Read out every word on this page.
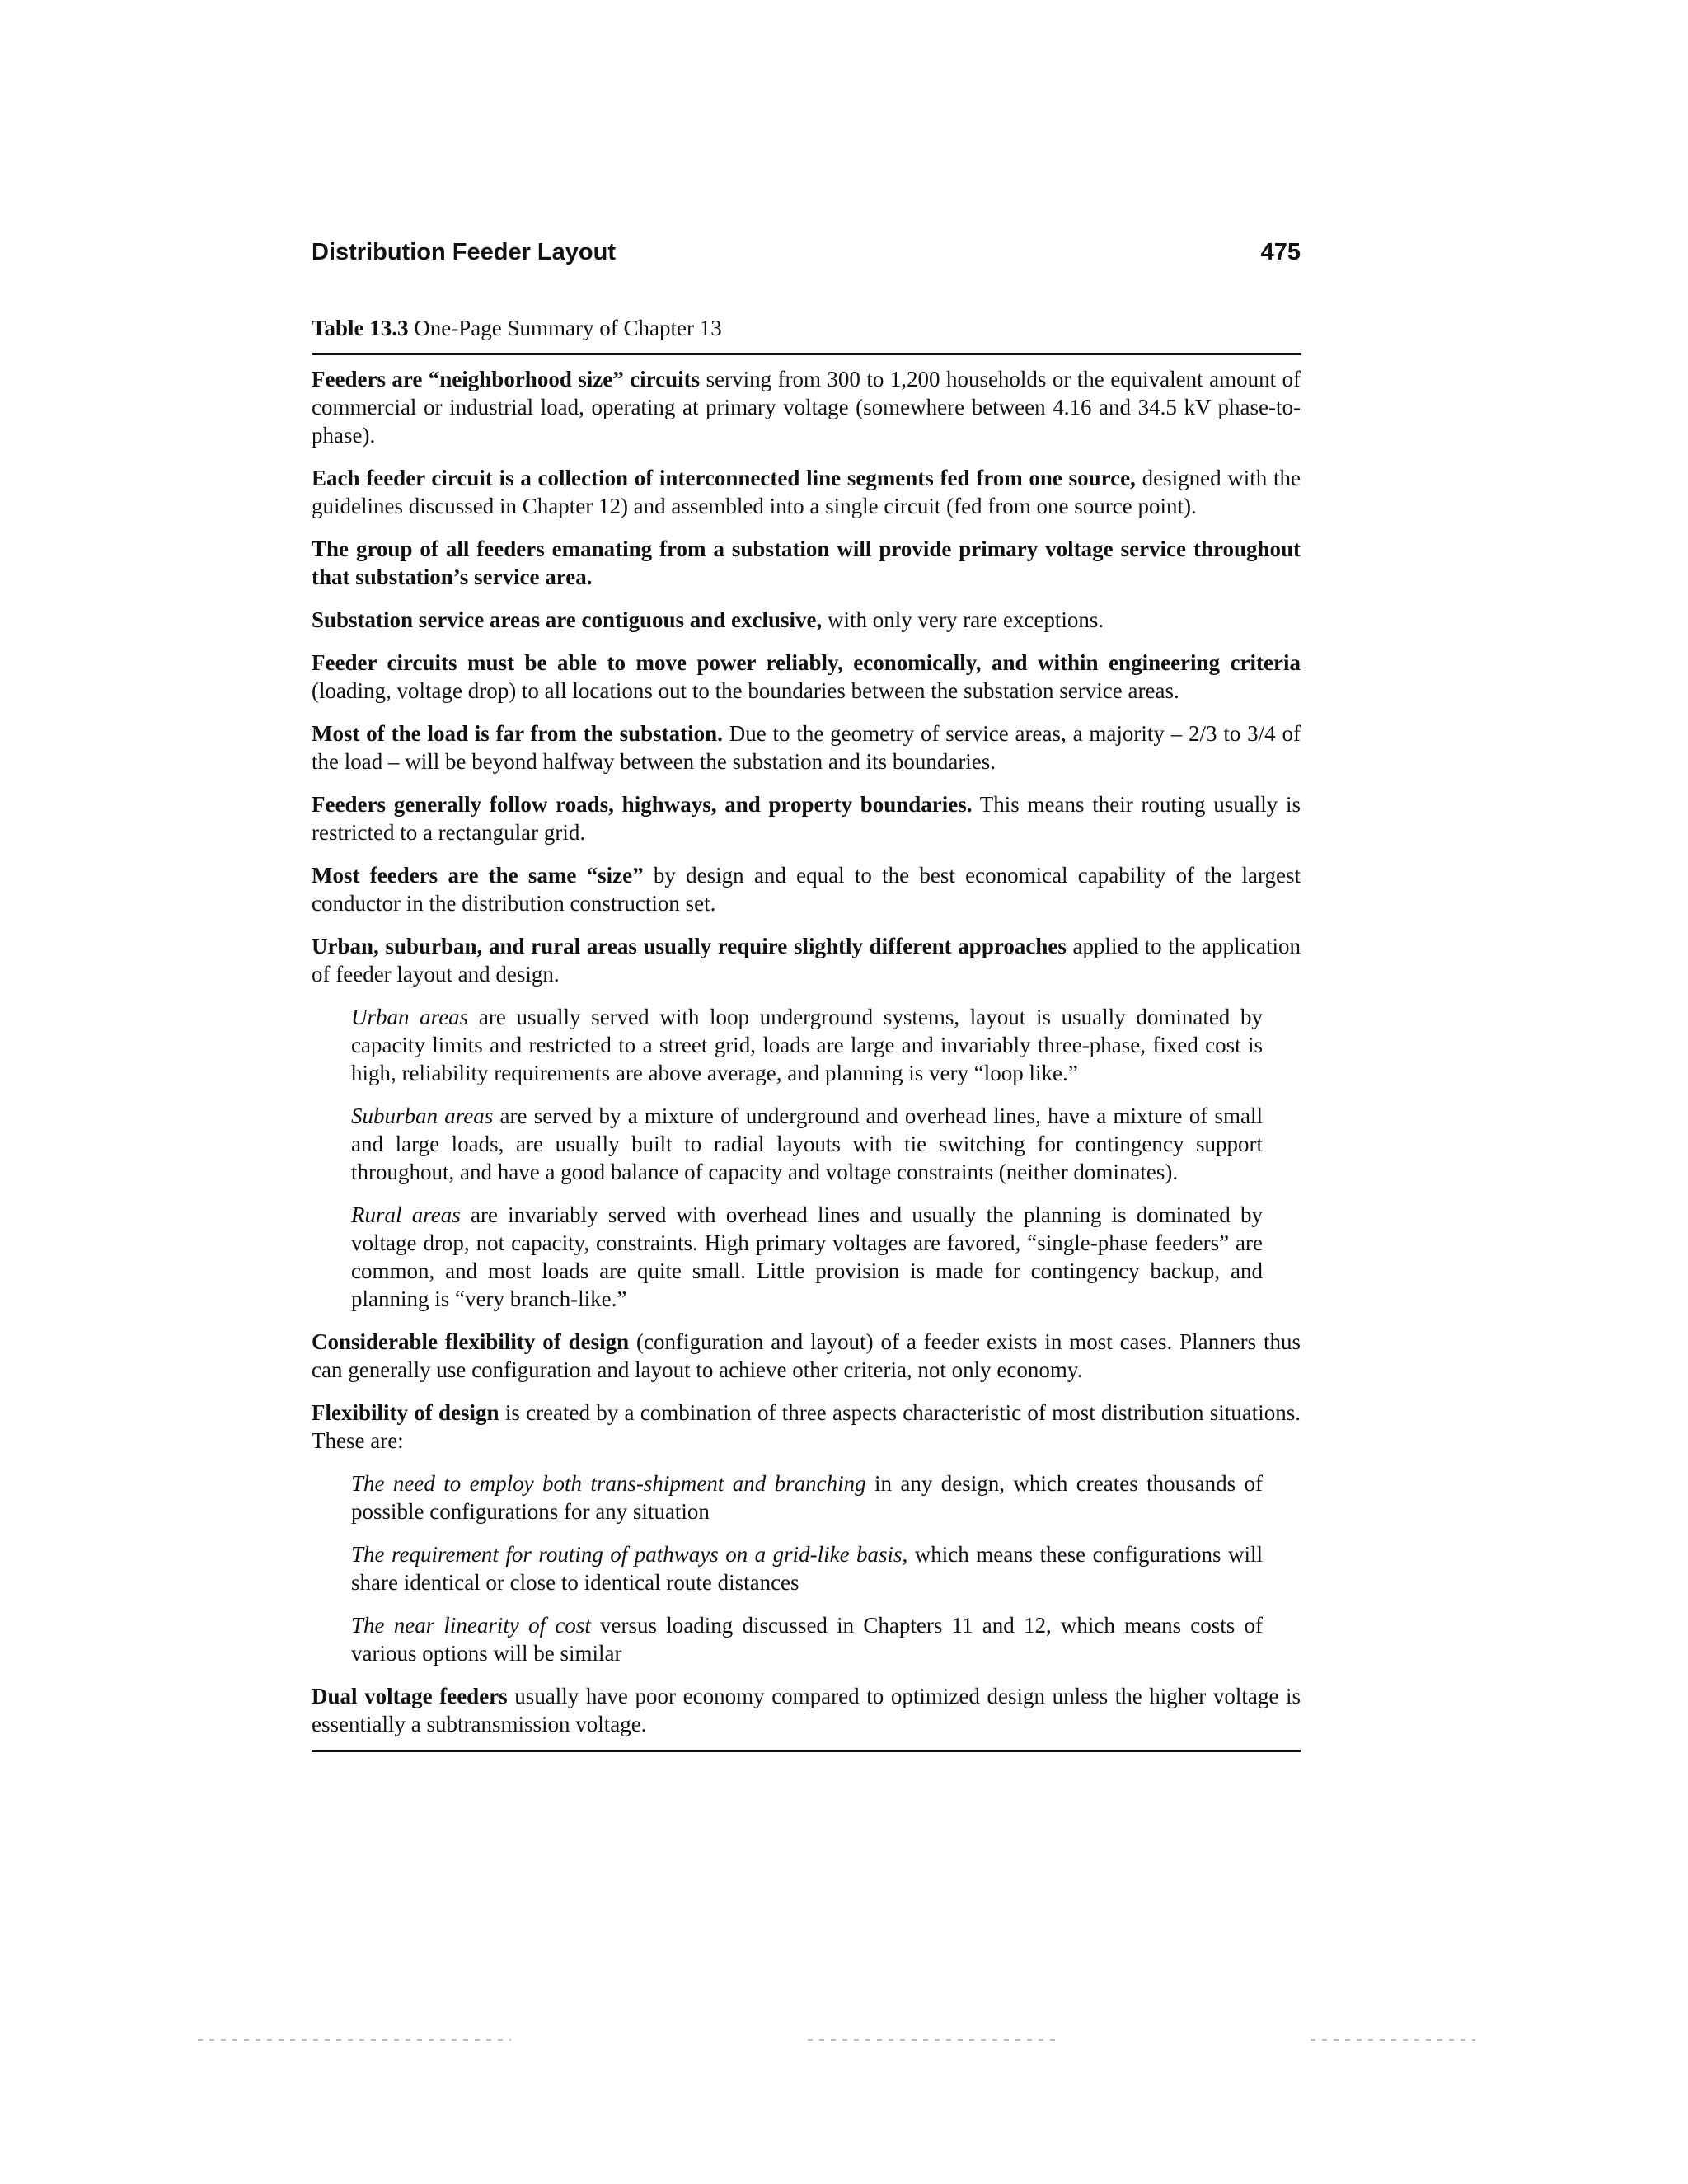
Distribution Feeder Layout	475
Table 13.3 One-Page Summary of Chapter 13

Feeders are “neighborhood size” circuits serving from 300 to 1,200 households or the equivalent amount of commercial or industrial load, operating at primary voltage (somewhere between 4.16 and 34.5 kV phase-to-phase).

Each feeder circuit is a collection of interconnected line segments fed from one source, designed with the guidelines discussed in Chapter 12) and assembled into a single circuit (fed from one source point).

The group of all feeders emanating from a substation will provide primary voltage service throughout that substation’s service area.

Substation service areas are contiguous and exclusive, with only very rare exceptions.

Feeder circuits must be able to move power reliably, economically, and within engineering criteria (loading, voltage drop) to all locations out to the boundaries between the substation service areas.

Most of the load is far from the substation. Due to the geometry of service areas, a majority – 2/3 to 3/4 of the load – will be beyond halfway between the substation and its boundaries.

Feeders generally follow roads, highways, and property boundaries. This means their routing usually is restricted to a rectangular grid.

Most feeders are the same “size” by design and equal to the best economical capability of the largest conductor in the distribution construction set.

Urban, suburban, and rural areas usually require slightly different approaches applied to the application of feeder layout and design.

Urban areas are usually served with loop underground systems, layout is usually dominated by capacity limits and restricted to a street grid, loads are large and invariably three-phase, fixed cost is high, reliability requirements are above average, and planning is very “loop like.”

Suburban areas are served by a mixture of underground and overhead lines, have a mixture of small and large loads, are usually built to radial layouts with tie switching for contingency support throughout, and have a good balance of capacity and voltage constraints (neither dominates).

Rural areas are invariably served with overhead lines and usually the planning is dominated by voltage drop, not capacity, constraints. High primary voltages are favored, “single-phase feeders” are common, and most loads are quite small. Little provision is made for contingency backup, and planning is “very branch-like.”

Considerable flexibility of design (configuration and layout) of a feeder exists in most cases. Planners thus can generally use configuration and layout to achieve other criteria, not only economy.

Flexibility of design is created by a combination of three aspects characteristic of most distribution situations. These are:

The need to employ both trans-shipment and branching in any design, which creates thousands of possible configurations for any situation

The requirement for routing of pathways on a grid-like basis, which means these configurations will share identical or close to identical route distances

The near linearity of cost versus loading discussed in Chapters 11 and 12, which means costs of various options will be similar

Dual voltage feeders usually have poor economy compared to optimized design unless the higher voltage is essentially a subtransmission voltage.
